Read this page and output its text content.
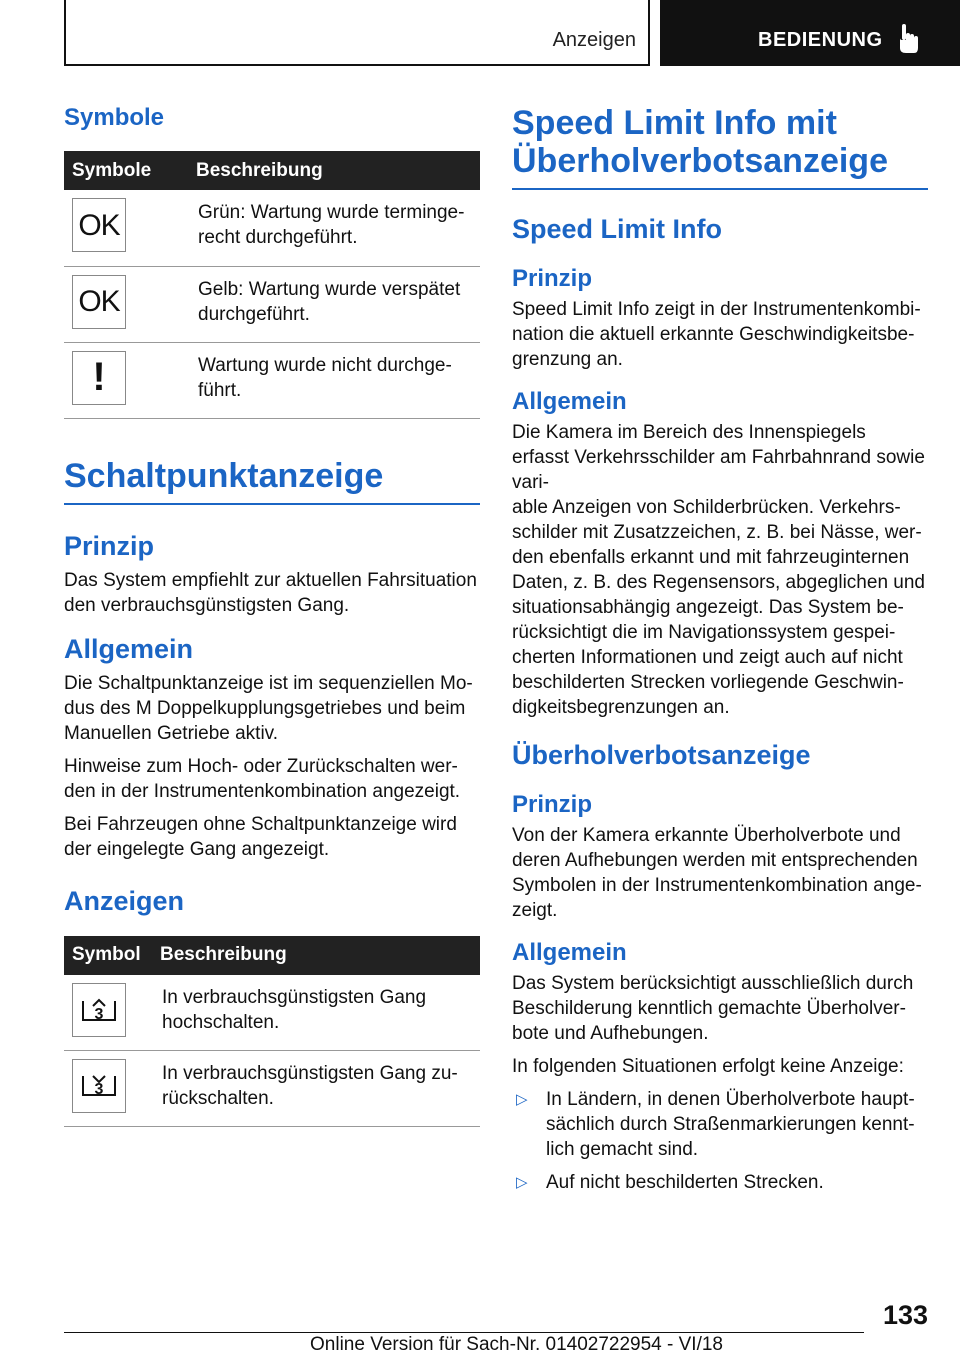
Anzeigen	BEDIENUNG
Symbole
Symbole	Beschreibung

OK	Grün: Wartung wurde terminge-
recht durchgeführt.

OK	Gelb: Wartung wurde verspätet
durchgeführt.

!	Wartung wurde nicht durchge-
führt.
Schaltpunktanzeige
Prinzip

Das System empfiehlt zur aktuellen Fahrsituation den verbrauchsgünstigsten Gang.

Allgemein

Die Schaltpunktanzeige ist im sequenziellen Mo-
dus des M Doppelkupplungsgetriebes und beim Manuellen Getriebe aktiv.

Hinweise zum Hoch- oder Zurückschalten wer-
den in der Instrumentenkombination angezeigt.

Bei Fahrzeugen ohne Schaltpunktanzeige wird der eingelegte Gang angezeigt.

Anzeigen
Symbol	Beschreibung

3	In verbrauchsgünstigsten Gang
hochschalten.

3	In verbrauchsgünstigsten Gang zu-
rückschalten.
Speed Limit Info mit Überholverbotsanzeige
Speed Limit Info
Prinzip

Speed Limit Info zeigt in der Instrumentenkombi-
nation die aktuell erkannte Geschwindigkeitsbe-
grenzung an.

Allgemein

Die Kamera im Bereich des Innenspiegels erfasst Verkehrsschilder am Fahrbahnrand sowie vari-
able Anzeigen von Schilderbrücken. Verkehrs-
schilder mit Zusatzzeichen, z. B. bei Nässe, wer-
den ebenfalls erkannt und mit fahrzeuginternen Daten, z. B. des Regensensors, abgeglichen und situationsabhängig angezeigt. Das System be-
rücksichtigt die im Navigationssystem gespei-
cherten Informationen und zeigt auch auf nicht beschilderten Strecken vorliegende Geschwin-
digkeitsbegrenzungen an.

Überholverbotsanzeige
Prinzip

Von der Kamera erkannte Überholverbote und deren Aufhebungen werden mit entsprechenden Symbolen in der Instrumentenkombination ange-
zeigt.

Allgemein

Das System berücksichtigt ausschließlich durch Beschilderung kenntlich gemachte Überholver-
bote und Aufhebungen.

In folgenden Situationen erfolgt keine Anzeige:

▷ In Ländern, in denen Überholverbote haupt-
sächlich durch Straßenmarkierungen kennt-
lich gemacht sind.
▷ Auf nicht beschilderten Strecken.
133
Online Version für Sach-Nr. 01402722954 - VI/18
